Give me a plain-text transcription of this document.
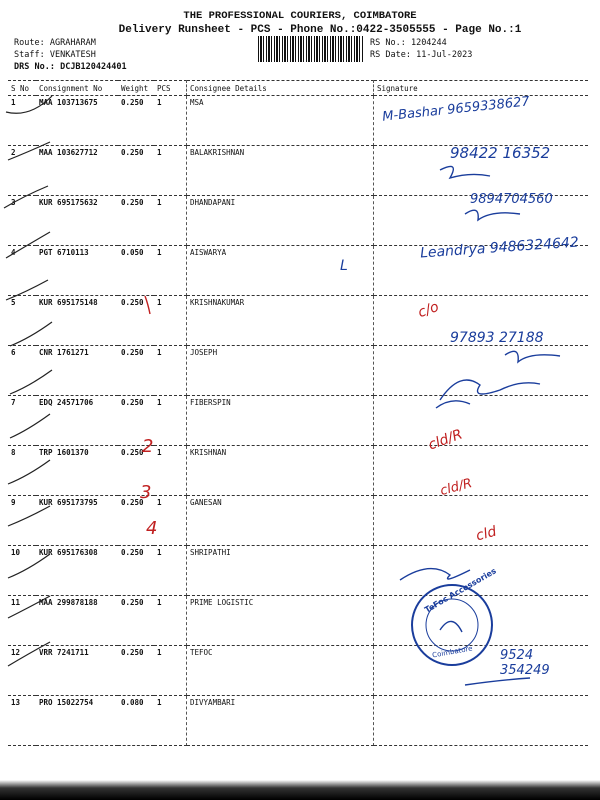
THE PROFESSIONAL COURIERS, COIMBATORE
Delivery Runsheet - PCS - Phone No.:0422-3505555 - Page No.:1
Route: AGRAHARAM
Staff: VENKATESH
DRS No.: DCJB120424401
RS No.: 1204244
RS Date: 11-Jul-2023
S No	Consignment No	Weight	PCS	Consignee Details	Signature
1	MAA 103713675	0.250	1	MSA	
2	MAA 103627712	0.250	1	BALAKRISHNAN	
3	KUR 695175632	0.250	1	DHANDAPANI	
4	PGT 6710113	0.050	1	AISWARYA	
5	KUR 695175148	0.250	1	KRISHNAKUMAR	
6	CNR 1761271	0.250	1	JOSEPH	
7	EDQ 24571706	0.250	1	FIBERSPIN	
8	TRP 1601370	0.250	1	KRISHNAN	
9	KUR 695173795	0.250	1	GANESAN	
10	KUR 695176308	0.250	1	SHRIPATHI	
11	MAA 299878188	0.250	1	PRIME LOGISTIC	
12	VRR 7241711	0.250	1	TEFOC	
13	PRO 15022754	0.080	1	DIVYAMBARI	
M-Bashar 9659338627
98422 16352
9894704560
Leandrya 9486324642
L
c/o
97893 27188
cld/R
cld/R
cld
2
3
4
9524 354249
TeFoc Accessories
Coimbatore
